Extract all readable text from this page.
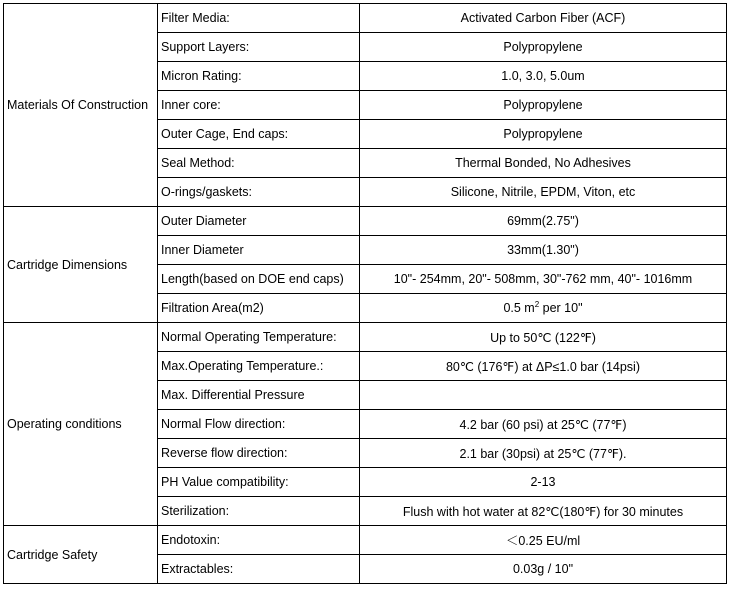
Materials Of Construction	Filter Media:	Activated Carbon Fiber (ACF)
	Support Layers:	Polypropylene
	Micron Rating:	1.0, 3.0, 5.0um
	Inner core:	Polypropylene
	Outer Cage, End caps:	Polypropylene
	Seal Method:	Thermal Bonded, No Adhesives
	O-rings/gaskets:	Silicone, Nitrile, EPDM, Viton, etc
Cartridge Dimensions	Outer Diameter	69mm(2.75")
	Inner Diameter	33mm(1.30")
	Length(based on DOE end caps)	10"- 254mm, 20"- 508mm, 30"-762 mm, 40"- 1016mm
	Filtration Area(m2)	0.5 $m^2$ per 10"
Operating conditions	Normal Operating Temperature:	Up to 50℃ (122℉)
	Max.Operating Temperature.:	80℃ (176℉) at ΔP≤1.0 bar (14psi)
	Max. Differential Pressure	
	Normal Flow direction:	4.2 bar (60 psi) at 25℃ (77℉)
	Reverse flow direction:	2.1 bar (30psi) at 25℃ (77℉).
	PH Value compatibility:	2-13
	Sterilization:	Flush with hot water at 82℃(180℉) for 30 minutes
Cartridge Safety	Endotoxin:	＜0.25 EU/ml
	Extractables:	0.03g / 10"
